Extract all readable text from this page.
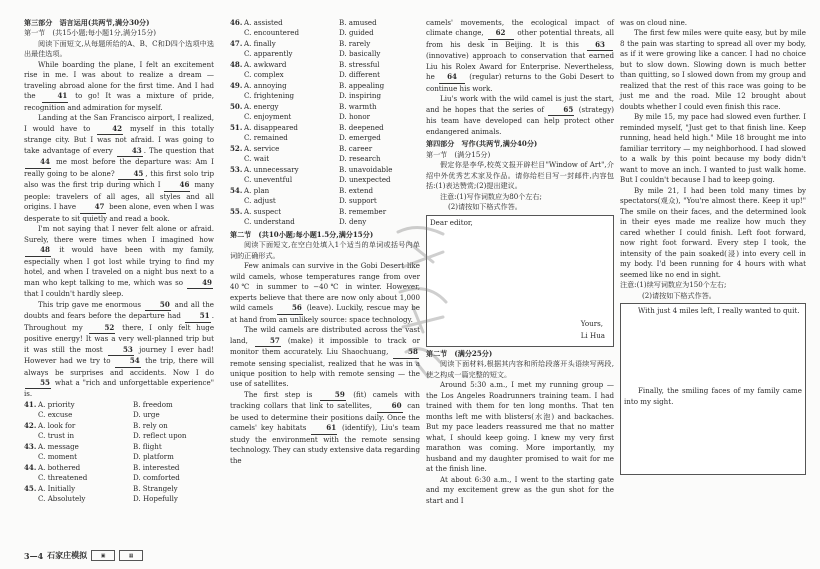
第三部分　语言运用(共两节,满分30分)

第一节　(共15小题;每小题1分,满分15分)

阅读下面短文,从每题所给的A、B、C和D四个选项中选出最佳选项。

While boarding the plane, I felt an excitement rise in me. I was about to realize a dream — traveling abroad alone for the first time. And I had the	41 to go! It was a mixture of pride, recognition and admiration for myself.

Landing at the San Francisco airport, I realized, I would have to	42 myself in this totally strange city. But I was not afraid. I was going to take advantage of every	43 . The question that 44 me most before the departure was: Am I really going to be alone?	45 , this first solo trip also was the first trip during which I	46 many people: travelers of all ages, all styles and all origins. I have	47 been alone, even when I was desperate to sit quietly and read a book.

I'm not saying that I never felt alone or afraid. Surely, there were times when I imagined how 48 it would have been with my family, especially when I got lost while trying to find my hotel, and when I traveled on a night bus next to a man who kept talking to me, which was so	49 that I couldn't hardly sleep.

This trip gave me enormous	50 and all the doubts and fears before the departure had	51 . Throughout my	52 there, I only felt huge positive energy! It was a very well-planned trip but it was still the most	53 journey I ever had! However had we try to	54 the trip, there will always be surprises and accidents. Now I do 55 what a "rich and unforgettable experience" is.

41. A. priority	B. freedom
C. excuse	D. urge
42. A. look for	B. rely on
C. trust in	D. reflect upon
43. A. message	B. flight
C. moment	D. platform
44. A. bothered	B. interested
C. threatened	D. comforted
45. A. Initially	B. Strangely
C. Absolutely	D. Hopefully
46. A. assisted	B. amused
C. encountered	D. guided
47. A. finally	B. rarely
C. apparently	D. basically
48. A. awkward	B. stressful
C. complex	D. different
49. A. annoying	B. appealing
C. frightening	D. inspiring
50. A. energy	B. warmth
C. enjoyment	D. honor
51. A. disappeared	B. deepened
C. remained	D. emerged
52. A. service	B. career
C. wait	D. research
53. A. unnecessary	B. unavoidable
C. uneventful	D. unexpected
54. A. plan	B. extend
C. adjust	D. support
55. A. suspect	B. remember
C. understand	D. deny

第二节　(共10小题;每小题1.5分,满分15分)

阅读下面短文,在空白处填入1个适当的单词或括号内单词的正确形式。

Few animals can survive in the Gobi Desert like wild camels, whose temperatures range from over 40℃ in summer to −40℃ in winter. However, experts believe that there are now only about 1,000 wild camels	56 (leave). Luckily, rescue may be at hand from an unlikely source: space technology.

The wild camels are distributed across the vast land,	57 (make) it impossible to track or monitor them accurately. Liu Shaochuang,	58 remote sensing specialist, realized that he was in a unique position to help with remote sensing — the use of satellites.

The first step is	59 (fit) camels with tracking collars that link to satellites,	60 can be used to determine their positions daily. Once the camels' key habitats	61 (identify), Liu's team study the environment with the remote sensing technology. They can study extensive data regarding the

camels' movements, the ecological impact of climate change, 62 other potential threats, all from his desk in Beijing. It is this 63 (innovative) approach to conservation that earned Liu his Rolex Award for Enterprise. Nevertheless, he 64 (regular) returns to the Gobi Desert to continue his work.

Liu's work with the wild camel is just the start, and he hopes that the series of	65 (strategy) his team have developed can help protect other endangered animals.

第四部分　写作(共两节,满分40分)

第一节　(满分15分)

假定你是李华,校英文报开辟栏目"Window of Art",介绍中外优秀艺术家及作品。请你给栏目写一封邮件,内容包括:(1)表达赞赏;(2)提出建议。

注意:(1)写作词数应为80个左右;

(2)请按如下格式作答。

Dear editor,
Yours,
Li Hua

第二节　(满分25分)

阅读下面材料,根据其内容和所给段落开头语续写两段,使之构成一篇完整的短文。

Around 5:30 a.m., I met my running group — the Los Angeles Roadrunners training team. I had trained with them for ten long months. That ten months left me with blisters(水泡) and backaches. But my pace leaders reassured me that no matter what, I should keep going. I knew my very first marathon was coming. More importantly, my husband and my daughter promised to wait for me at the finish line.

At about 6:30 a.m., I went to the starting gate and my excitement grew as the gun shot for the start and I

was on cloud nine.

The first few miles were quite easy, but by mile 8 the pain was starting to spread all over my body, as if it were growing like a cancer. I had no choice but to slow down. Slowing down is much better than quitting, so I slowed down from my group and realized that the rest of this race was going to be just me and the road. Mile 12 brought about doubts whether I could even finish this race.

By mile 15, my pace had slowed even further. I reminded myself, "Just get to that finish line. Keep running, head held high." Mile 18 brought me into familiar territory — my neighborhood. I had slowed to a walk by this point because my body didn't want to move an inch. I wanted to just walk home. But I couldn't because I had to keep going.

By mile 21, I had been told many times by spectators(观众), "You're almost there. Keep it up!" The smile on their faces, and the determined look in their eyes made me realize how much they cared whether I could finish. Left foot forward, now right foot forward. Every step I took, the intensity of the pain soaked(浸) into every cell in my body. I'd been running for 4 hours with what seemed like no end in sight.

注意:(1)续写词数应为150个左右;

(2)请按如下格式作答。

With just 4 miles left, I really wanted to quit.

Finally, the smiling faces of my family came into my sight.

3—4 石家庄模拟	▣	▦
